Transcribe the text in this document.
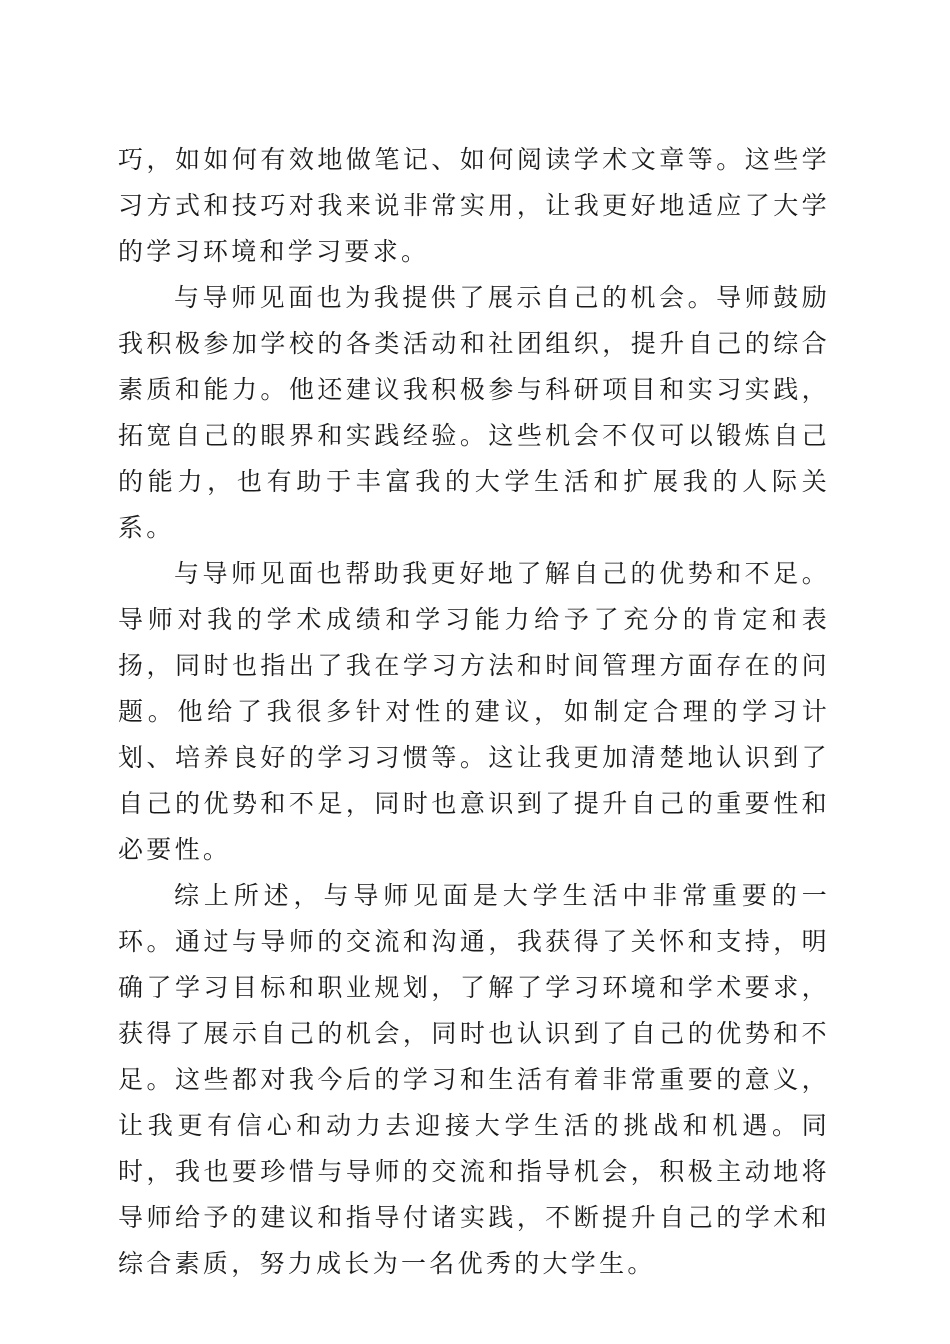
巧，如如何有效地做笔记、如何阅读学术文章等。这些学习方式和技巧对我来说非常实用，让我更好地适应了大学的学习环境和学习要求。

与导师见面也为我提供了展示自己的机会。导师鼓励我积极参加学校的各类活动和社团组织，提升自己的综合素质和能力。他还建议我积极参与科研项目和实习实践，拓宽自己的眼界和实践经验。这些机会不仅可以锻炼自己的能力，也有助于丰富我的大学生活和扩展我的人际关系。

与导师见面也帮助我更好地了解自己的优势和不足。导师对我的学术成绩和学习能力给予了充分的肯定和表扬，同时也指出了我在学习方法和时间管理方面存在的问题。他给了我很多针对性的建议，如制定合理的学习计划、培养良好的学习习惯等。这让我更加清楚地认识到了自己的优势和不足，同时也意识到了提升自己的重要性和必要性。

综上所述，与导师见面是大学生活中非常重要的一环。通过与导师的交流和沟通，我获得了关怀和支持，明确了学习目标和职业规划，了解了学习环境和学术要求，获得了展示自己的机会，同时也认识到了自己的优势和不足。这些都对我今后的学习和生活有着非常重要的意义，让我更有信心和动力去迎接大学生活的挑战和机遇。同时，我也要珍惜与导师的交流和指导机会，积极主动地将导师给予的建议和指导付诸实践，不断提升自己的学术和综合素质，努力成长为一名优秀的大学生。
